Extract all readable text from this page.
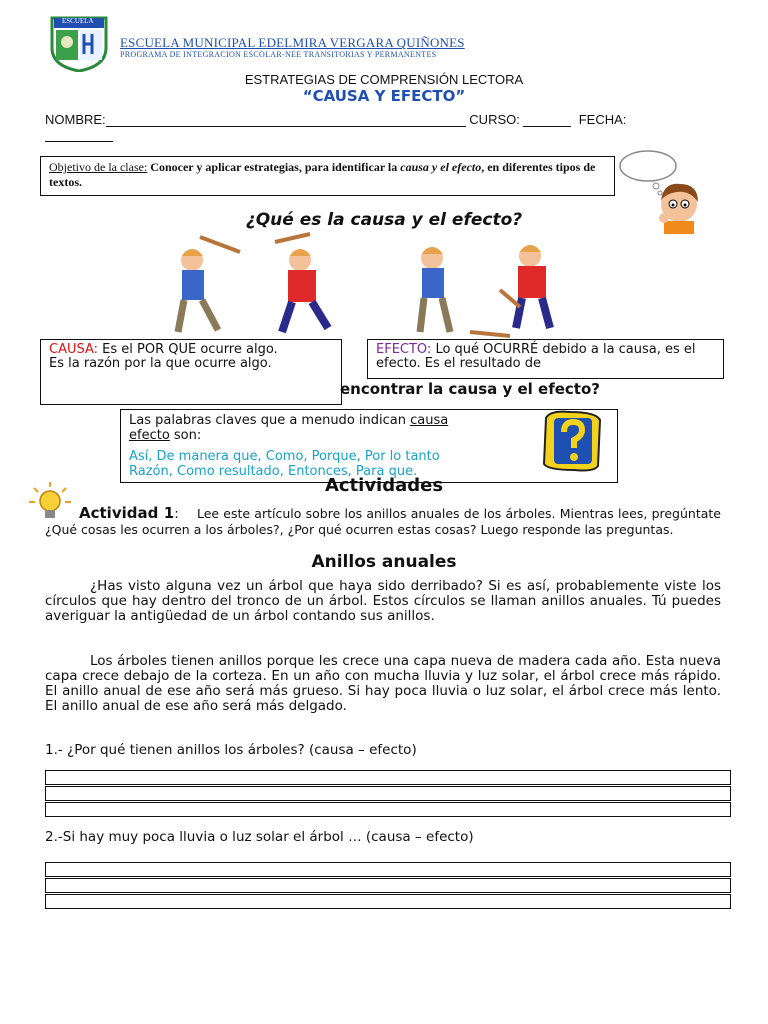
ESCUELA
ESCUELA MUNICIPAL EDELMIRA VERGARA QUIÑONES
PROGRAMA DE INTEGRACION ESCOLAR-NEE TRANSITORIAS Y PERMANENTES
ESTRATEGIAS DE COMPRENSIÓN LECTORA
“CAUSA Y EFECTO”
NOMBRE:	CURSO:	FECHA:
Objetivo de la clase: Conocer y aplicar estrategias, para identificar la causa y el efecto, en diferentes tipos de textos.
¿Qué es la causa y el efecto?
CAUSA: Es el POR QUE ocurre algo.
Es la razón por la que ocurre algo.
EFECTO: Lo qué OCURRÉ debido a la causa, es el efecto. Es el resultado de
encontrar la causa y el efecto?
Las palabras claves que a menudo indican causa
efecto son:

Así, De manera que, Como, Porque, Por lo tanto
Razón, Como resultado, Entonces, Para que.
Actividades
Actividad 1: Lee este artículo sobre los anillos anuales de los árboles. Mientras lees, pregúntate ¿Qué cosas les ocurren a los árboles?, ¿Por qué ocurren estas cosas? Luego responde las preguntas.
Anillos anuales
¿Has visto alguna vez un árbol que haya sido derribado? Si es así, probablemente viste los círculos que hay dentro del tronco de un árbol. Estos círculos se llaman anillos anuales. Tú puedes averiguar la antigüedad de un árbol contando sus anillos.
Los árboles tienen anillos porque les crece una capa nueva de madera cada año. Esta nueva capa crece debajo de la corteza. En un año con mucha lluvia y luz solar, el árbol crece más rápido. El anillo anual de ese año será más grueso. Si hay poca lluvia o luz solar, el árbol crece más lento. El anillo anual de ese año será más delgado.
1.- ¿Por qué tienen anillos los árboles? (causa – efecto)
2.-Si hay muy poca lluvia o luz solar el árbol … (causa – efecto)
